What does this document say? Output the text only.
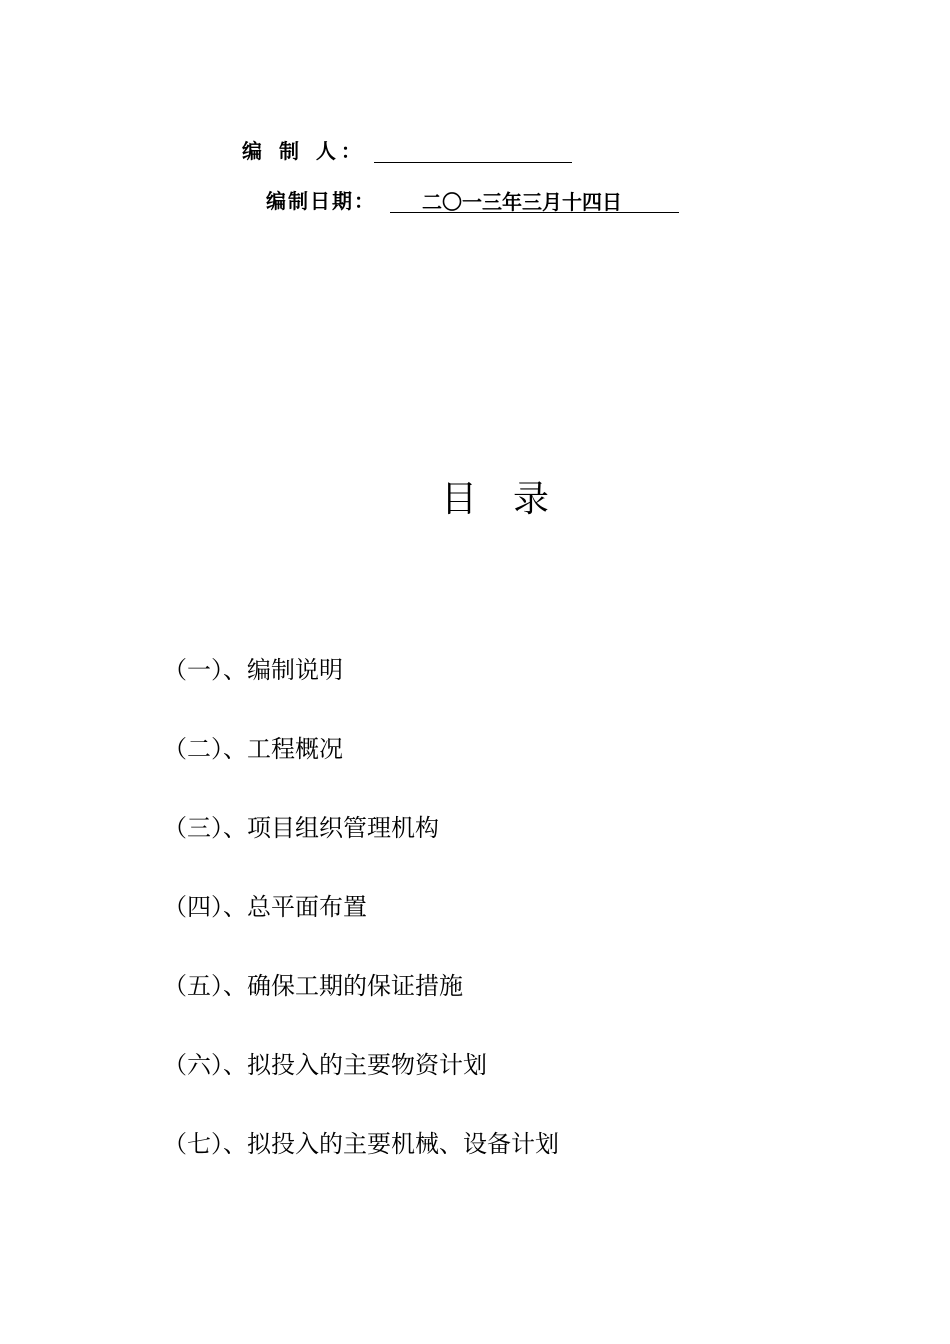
编 制 人：
编制日期： 二〇一三年三月十四日
目录
（一）、编制说明
（二）、工程概况
（三）、项目组织管理机构
（四）、总平面布置
（五）、确保工期的保证措施
（六）、拟投入的主要物资计划
（七）、拟投入的主要机械、设备计划
